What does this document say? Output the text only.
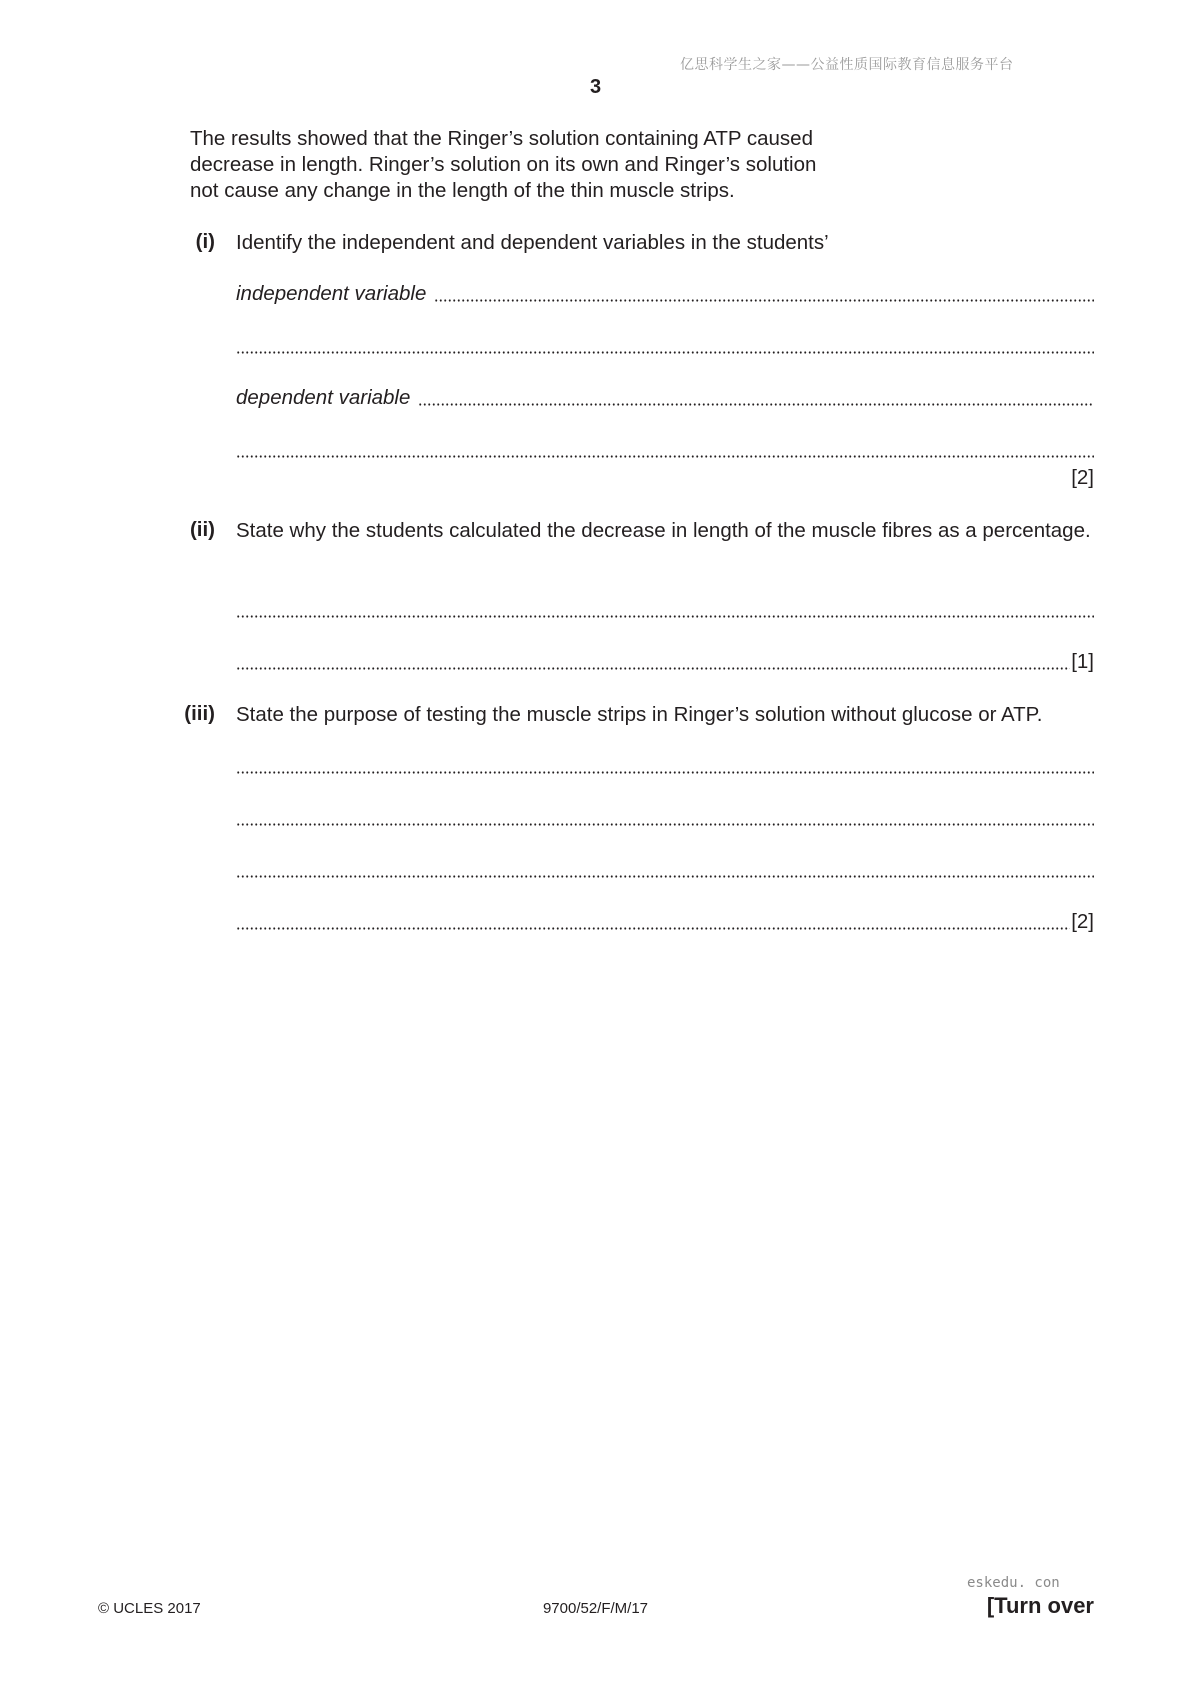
亿思科学生之家——公益性质国际教育信息服务平台
3

The results showed that the Ringer’s solution containing ATP caused

decrease in length. Ringer’s solution on its own and Ringer’s solution

not cause any change in the length of the thin muscle strips.

(i) Identify the independent and dependent variables in the students’
independent variable
dependent variable
[2]
(ii) State why the students calculated the decrease in length of the muscle fibres as a percentage.
[1]
(iii) State the purpose of testing the muscle strips in Ringer’s solution without glucose or ATP.
[2]
© UCLES 2017	9700/52/F/M/17
eskedu. con
[Turn over
